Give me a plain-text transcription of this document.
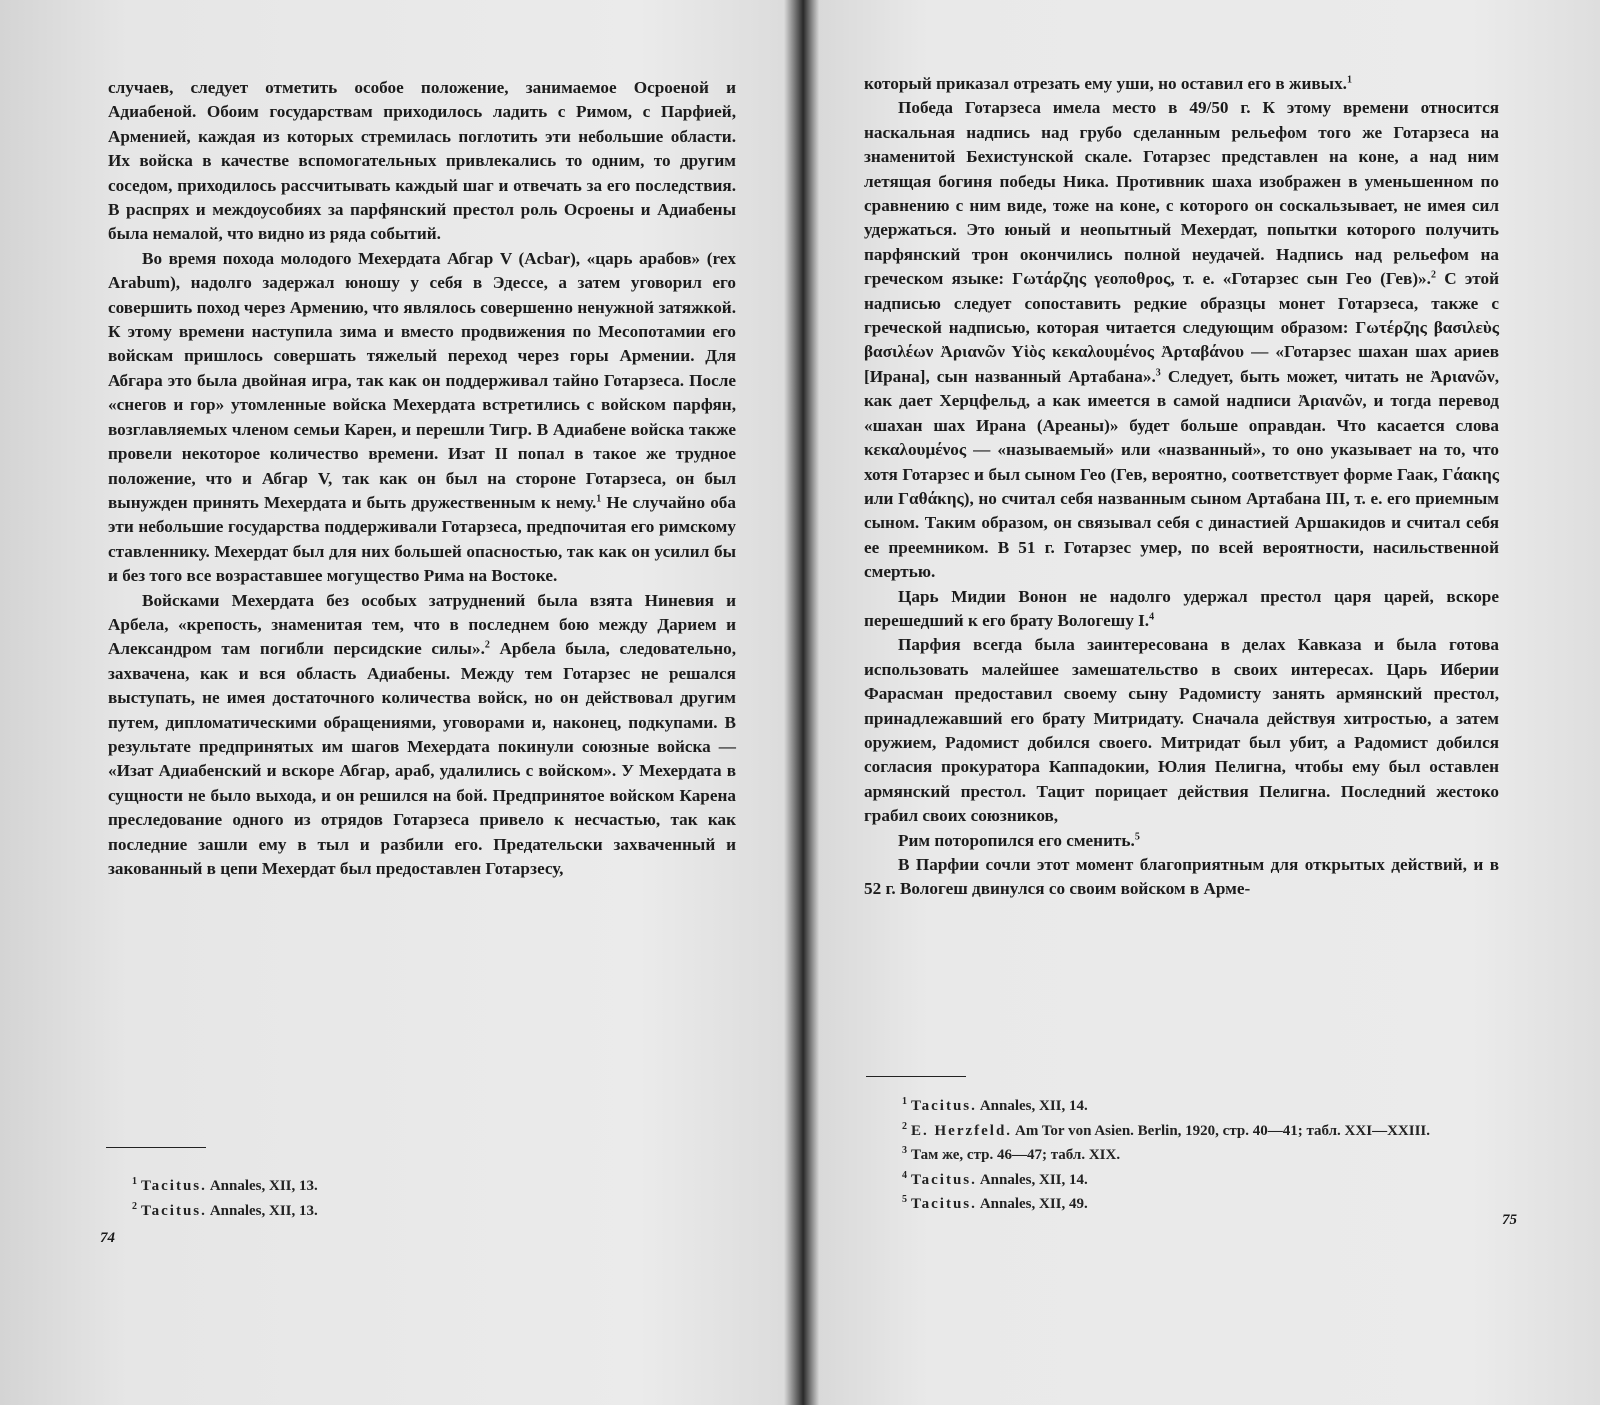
случаев, следует отметить особое положение, занимаемое Осроеной и Адиабеной. Обоим государствам приходилось ладить с Римом, с Парфией, Арменией, каждая из которых стремилась поглотить эти небольшие области. Их войска в качестве вспомогательных привлекались то одним, то другим соседом, приходилось рассчитывать каждый шаг и отвечать за его последствия. В распрях и междоусобиях за парфянский престол роль Осроены и Адиабены была немалой, что видно из ряда событий.

Во время похода молодого Мехердата Абгар V (Acbar), «царь арабов» (rex Arabum), надолго задержал юношу у себя в Эдессе, а затем уговорил его совершить поход через Армению, что являлось совершенно ненужной затяжкой. К этому времени наступила зима и вместо продвижения по Месопотамии его войскам пришлось совершать тяжелый переход через горы Армении. Для Абгара это была двойная игра, так как он поддерживал тайно Готарзеса. После «снегов и гор» утомленные войска Мехердата встретились с войском парфян, возглавляемых членом семьи Карен, и перешли Тигр. В Адиабене войска также провели некоторое количество времени. Изат II попал в такое же трудное положение, что и Абгар V, так как он был на стороне Готарзеса, он был вынужден принять Мехердата и быть дружественным к нему.$^1$ Не случайно оба эти небольшие государства поддерживали Готарзеса, предпочитая его римскому ставленнику. Мехердат был для них большей опасностью, так как он усилил бы и без того все возраставшее могущество Рима на Востоке.

Войсками Мехердата без особых затруднений была взята Ниневия и Арбела, «крепость, знаменитая тем, что в последнем бою между Дарием и Александром там погибли персидские силы».$^2$ Арбела была, следовательно, захвачена, как и вся область Адиабены. Между тем Готарзес не решался выступать, не имея достаточного количества войск, но он действовал другим путем, дипломатическими обращениями, уговорами и, наконец, подкупами. В результате предпринятых им шагов Мехердата покинули союзные войска — «Изат Адиабенский и вскоре Абгар, араб, удалились с войском». У Мехердата в сущности не было выхода, и он решился на бой. Предпринятое войском Карена преследование одного из отрядов Готарзеса привело к несчастью, так как последние зашли ему в тыл и разбили его. Предательски захваченный и закованный в цепи Мехердат был предоставлен Готарзесу,

$^1$ Tacitus. Annales, XII, 13.

$^2$ Tacitus. Annales, XII, 13.

74

который приказал отрезать ему уши, но оставил его в живых.$^1$

Победа Готарзеса имела место в 49/50 г. К этому времени относится наскальная надпись над грубо сделанным рельефом того же Готарзеса на знаменитой Бехистунской скале. Готарзес представлен на коне, а над ним летящая богиня победы Ника. Противник шаха изображен в уменьшенном по сравнению с ним виде, тоже на коне, с которого он соскальзывает, не имея сил удержаться. Это юный и неопытный Мехердат, попытки которого получить парфянский трон окончились полной неудачей. Надпись над рельефом на греческом языке: Γωτάρζης γεοποθρος, т. е. «Готарзес сын Гео (Гев)».$^2$ С этой надписью следует сопоставить редкие образцы монет Готарзеса, также с греческой надписью, которая читается следующим образом: Γωτέρζης βασιλεὺς βασιλέων Ἀριανῶν Υἱὸς κεκαλουμένος Ἀρταβάνου — «Готарзес шахан шах ариев [Ирана], сын названный Артабана».$^3$ Следует, быть может, читать не Ἀριανῶν, как дает Херцфельд, а как имеется в самой надписи Ἀριανῶν, и тогда перевод «шахан шах Ирана (Ареаны)» будет больше оправдан. Что касается слова κεκαλουμένος — «называемый» или «названный», то оно указывает на то, что хотя Готарзес и был сыном Гео (Гев, вероятно, соответствует форме Гаак, Γάακης или Γαθάκης), но считал себя названным сыном Артабана III, т. е. его приемным сыном. Таким образом, он связывал себя с династией Аршакидов и считал себя ее преемником. В 51 г. Готарзес умер, по всей вероятности, насильственной смертью.

Царь Мидии Вонон не надолго удержал престол царя царей, вскоре перешедший к его брату Вологешу I.$^4$

Парфия всегда была заинтересована в делах Кавказа и была готова использовать малейшее замешательство в своих интересах. Царь Иберии Фарасман предоставил своему сыну Радомисту занять армянский престол, принадлежавший его брату Митридату. Сначала действуя хитростью, а затем оружием, Радомист добился своего. Митридат был убит, а Радомист добился согласия прокуратора Каппадокии, Юлия Пелигна, чтобы ему был оставлен армянский престол. Тацит порицает действия Пелигна. Последний жестоко грабил своих союзников,

Рим поторопился его сменить.$^5$

В Парфии сочли этот момент благоприятным для открытых действий, и в 52 г. Вологеш двинулся со своим войском в Арме-

$^1$ Tacitus. Annales, XII, 14.

$^2$ E. Herzfeld. Am Tor von Asien. Berlin, 1920, стр. 40—41; табл. XXI—XXIII.

$^3$ Там же, стр. 46—47; табл. XIX.

$^4$ Tacitus. Annales, XII, 14.

$^5$ Tacitus. Annales, XII, 49.

75
